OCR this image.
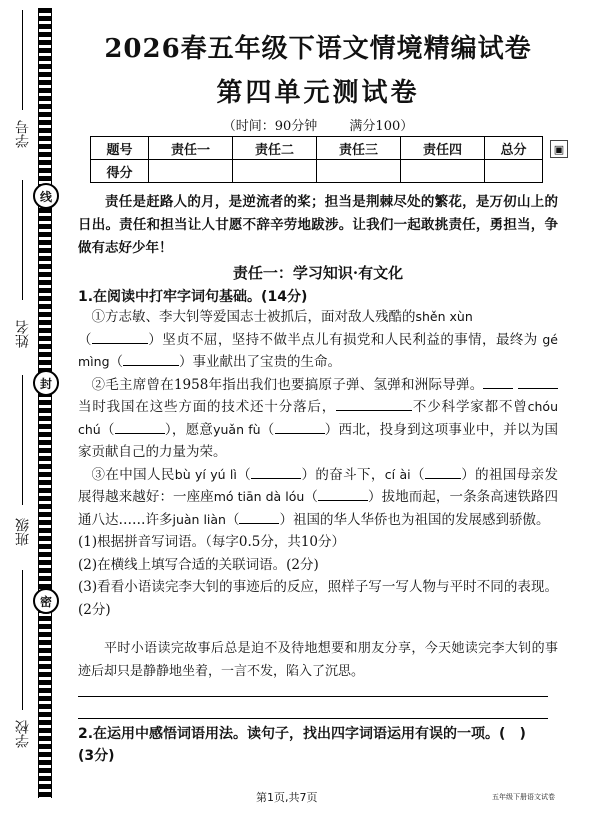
学号
姓名
班级
学校
线
封
密
2026春五年级下语文情境精编试卷
第四单元测试卷
（时间：90分钟 满分100）
题号	责任一	责任二	责任三	责任四	总分
得分					
▣
责任是赶路人的月，是逆流者的桨；担当是荆棘尽处的繁花，是万仞山上的日出。责任和担当让人甘愿不辞辛劳地跋涉。让我们一起敢挑责任，勇担当，争做有志好少年！
责任一：学习知识·有文化
1.在阅读中打牢字词句基础。(14分)

①方志敏、李大钊等爱国志士被抓后，面对敌人残酷的shěn xùn
（	）坚贞不屈，坚持不做半点儿有损党和人民利益的事情，最终为 gé mìng（	）事业献出了宝贵的生命。

②毛主席曾在1958年指出我们也要搞原子弹、氢弹和洲际导弹。 当时我国在这些方面的技术还十分落后，	不少科学家都不曾chóu chú（	），愿意yuǎn fù（	）西北，投身到这项事业中，并以为国家贡献自己的力量为荣。

③在中国人民bù yí yú lì（	）的奋斗下，cí ài（	）的祖国母亲发展得越来越好：一座座mó tiān dà lóu（	）拔地而起，一条条高速铁路四通八达……许多juàn liàn（	）祖国的华人华侨也为祖国的发展感到骄傲。

(1)根据拼音写词语。（每字0.5分，共10分）

(2)在横线上填写合适的关联词语。(2分)

(3)看看小语读完李大钊的事迹后的反应，照样子写一写人物与平时不同的表现。(2分)

平时小语读完故事后总是迫不及待地想要和朋友分享，今天她读完李大钊的事迹后却只是静静地坐着，一言不发，陷入了沉思。
2.在运用中感悟词语用法。读句子，找出四字词语运用有误的一项。(　)
(3分)
第1页,共7页	五年级下册语文试卷
